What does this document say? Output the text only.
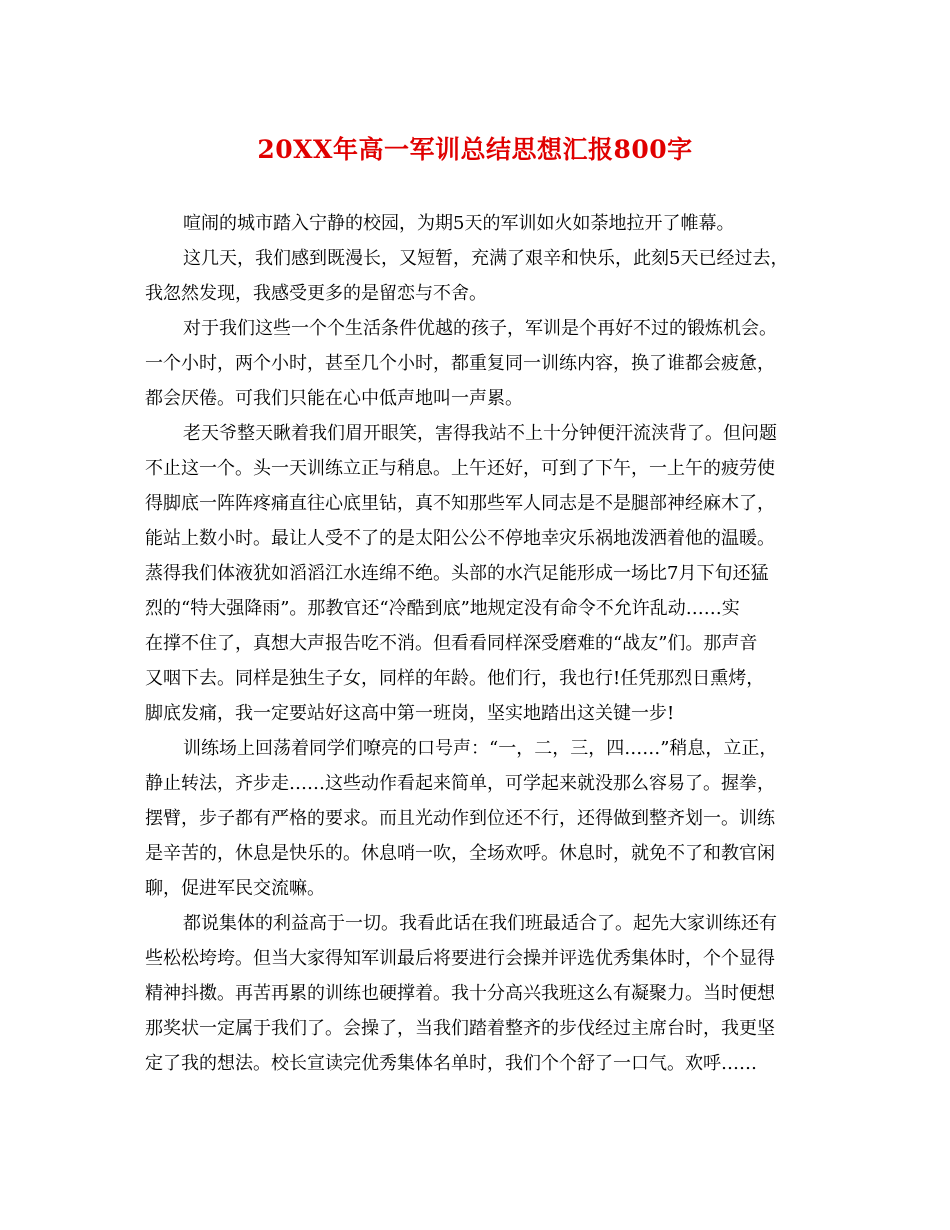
20XX年高一军训总结思想汇报800字
喧闹的城市踏入宁静的校园，为期5天的军训如火如荼地拉开了帷幕。
这几天，我们感到既漫长，又短暂，充满了艰辛和快乐，此刻5天已经过去，
我忽然发现，我感受更多的是留恋与不舍。
对于我们这些一个个生活条件优越的孩子，军训是个再好不过的锻炼机会。
一个小时，两个小时，甚至几个小时，都重复同一训练内容，换了谁都会疲惫，
都会厌倦。可我们只能在心中低声地叫一声累。
老天爷整天瞅着我们眉开眼笑，害得我站不上十分钟便汗流浃背了。但问题
不止这一个。头一天训练立正与稍息。上午还好，可到了下午，一上午的疲劳使
得脚底一阵阵疼痛直往心底里钻，真不知那些军人同志是不是腿部神经麻木了，
能站上数小时。最让人受不了的是太阳公公不停地幸灾乐祸地泼洒着他的温暖。
蒸得我们体液犹如滔滔江水连绵不绝。头部的水汽足能形成一场比7月下旬还猛
烈的“特大强降雨”。那教官还“冷酷到底”地规定没有命令不允许乱动……实
在撑不住了，真想大声报告吃不消。但看看同样深受磨难的“战友”们。那声音
又咽下去。同样是独生子女，同样的年龄。他们行，我也行!任凭那烈日熏烤，
脚底发痛，我一定要站好这高中第一班岗，坚实地踏出这关键一步!
训练场上回荡着同学们嘹亮的口号声：“一，二，三，四……”稍息，立正，
静止转法，齐步走……这些动作看起来简单，可学起来就没那么容易了。握拳，
摆臂，步子都有严格的要求。而且光动作到位还不行，还得做到整齐划一。训练
是辛苦的，休息是快乐的。休息哨一吹，全场欢呼。休息时，就免不了和教官闲
聊，促进军民交流嘛。
都说集体的利益高于一切。我看此话在我们班最适合了。起先大家训练还有
些松松垮垮。但当大家得知军训最后将要进行会操并评选优秀集体时，个个显得
精神抖擞。再苦再累的训练也硬撑着。我十分高兴我班这么有凝聚力。当时便想
那奖状一定属于我们了。会操了，当我们踏着整齐的步伐经过主席台时，我更坚
定了我的想法。校长宣读完优秀集体名单时，我们个个舒了一口气。欢呼……
